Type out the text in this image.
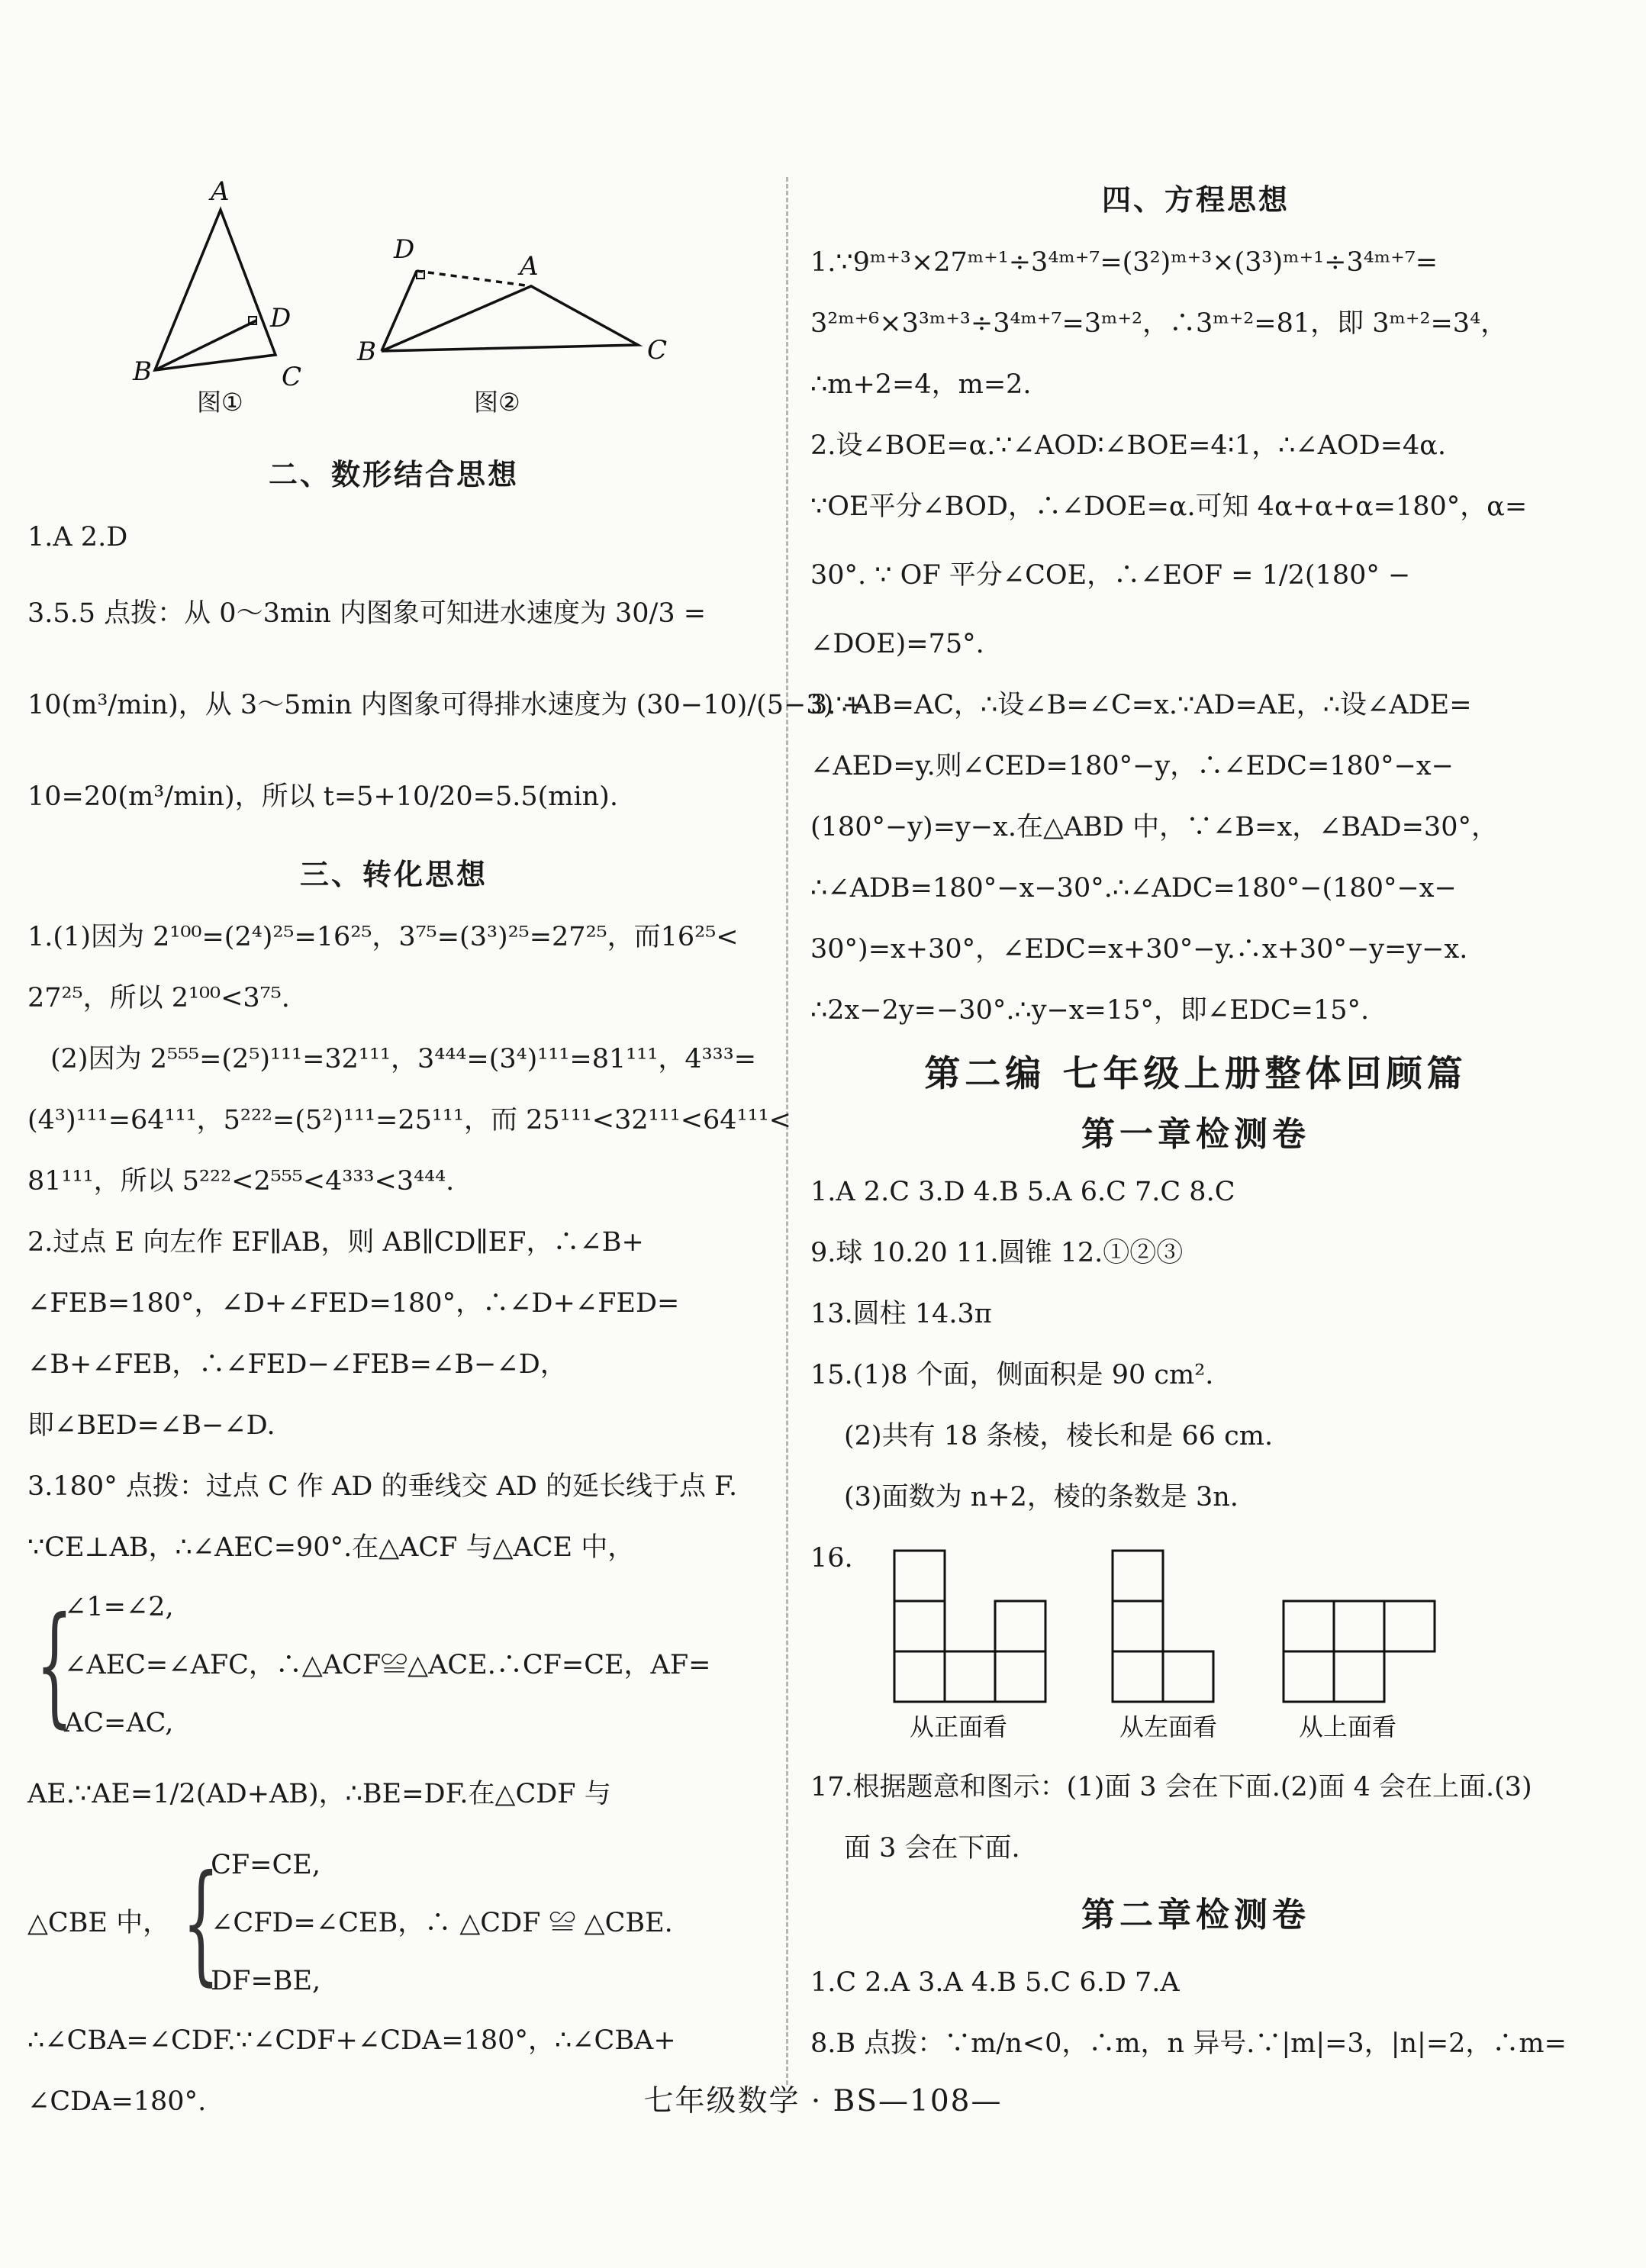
A
B	C
D
D
A
B	C
图①	图②
二、数形结合思想
1.A 2.D
3.5.5 点拨：从 0～3min 内图象可知进水速度为 30/3 =
10(m³/min)，从 3～5min 内图象可得排水速度为 (30−10)/(5−3) +
10=20(m³/min)，所以 t=5+10/20=5.5(min).
三、转化思想
1.(1)因为 2¹⁰⁰=(2⁴)²⁵=16²⁵，3⁷⁵=(3³)²⁵=27²⁵，而16²⁵<
27²⁵，所以 2¹⁰⁰<3⁷⁵.
(2)因为 2⁵⁵⁵=(2⁵)¹¹¹=32¹¹¹，3⁴⁴⁴=(3⁴)¹¹¹=81¹¹¹，4³³³=
(4³)¹¹¹=64¹¹¹，5²²²=(5²)¹¹¹=25¹¹¹，而 25¹¹¹<32¹¹¹<64¹¹¹<
81¹¹¹，所以 5²²²<2⁵⁵⁵<4³³³<3⁴⁴⁴.
2.过点 E 向左作 EF∥AB，则 AB∥CD∥EF，∴∠B+
∠FEB=180°，∠D+∠FED=180°，∴∠D+∠FED=
∠B+∠FEB，∴∠FED−∠FEB=∠B−∠D，
即∠BED=∠B−∠D.
3.180° 点拨：过点 C 作 AD 的垂线交 AD 的延长线于点 F.
∵CE⊥AB，∴∠AEC=90°.在△ACF 与△ACE 中，
{
∠1=∠2,
∠AEC=∠AFC，∴△ACF≌△ACE.∴CF=CE，AF=
AC=AC,
AE.∵AE=1/2(AD+AB)，∴BE=DF.在△CDF 与
△CBE 中， {
CF=CE,
∠CFD=∠CEB，∴ △CDF ≌ △CBE.
DF=BE,
∴∠CBA=∠CDF.∵∠CDF+∠CDA=180°，∴∠CBA+
∠CDA=180°.
四、方程思想
1.∵9ᵐ⁺³×27ᵐ⁺¹÷3⁴ᵐ⁺⁷=(3²)ᵐ⁺³×(3³)ᵐ⁺¹÷3⁴ᵐ⁺⁷=
3²ᵐ⁺⁶×3³ᵐ⁺³÷3⁴ᵐ⁺⁷=3ᵐ⁺²，∴3ᵐ⁺²=81，即 3ᵐ⁺²=3⁴，
∴m+2=4，m=2.
2.设∠BOE=α.∵∠AOD∶∠BOE=4∶1，∴∠AOD=4α.
∵OE平分∠BOD，∴∠DOE=α.可知 4α+α+α=180°，α=
30°. ∵ OF 平分∠COE，∴∠EOF = 1/2(180° −
∠DOE)=75°.
3.∵AB=AC，∴设∠B=∠C=x.∵AD=AE，∴设∠ADE=
∠AED=y.则∠CED=180°−y，∴∠EDC=180°−x−
(180°−y)=y−x.在△ABD 中，∵∠B=x，∠BAD=30°，
∴∠ADB=180°−x−30°.∴∠ADC=180°−(180°−x−
30°)=x+30°，∠EDC=x+30°−y.∴x+30°−y=y−x.
∴2x−2y=−30°.∴y−x=15°，即∠EDC=15°.
第二编 七年级上册整体回顾篇
第一章检测卷
1.A 2.C 3.D 4.B 5.A 6.C 7.C 8.C
9.球 10.20 11.圆锥 12.①②③
13.圆柱 14.3π
15.(1)8 个面，侧面积是 90 cm².
(2)共有 18 条棱，棱长和是 66 cm.
(3)面数为 n+2，棱的条数是 3n.
16.
从正面看	从左面看	从上面看
17.根据题意和图示：(1)面 3 会在下面.(2)面 4 会在上面.(3)
面 3 会在下面.
第二章检测卷
1.C 2.A 3.A 4.B 5.C 6.D 7.A
8.B 点拨：∵m/n<0，∴m，n 异号.∵|m|=3，|n|=2，∴m=
七年级数学 · BS—108—
